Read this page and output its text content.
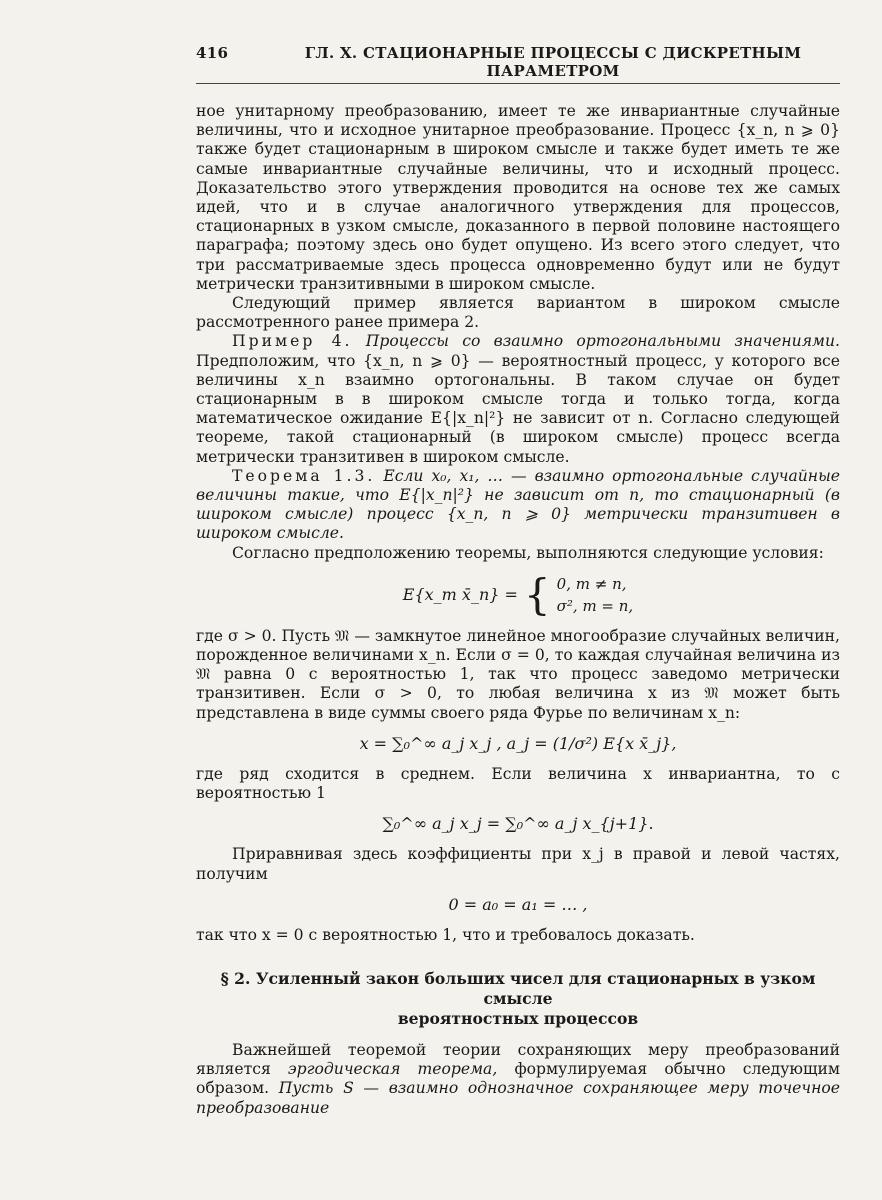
416	ГЛ. X. СТАЦИОНАРНЫЕ ПРОЦЕССЫ С ДИСКРЕТНЫМ ПАРАМЕТРОМ

ное унитарному преобразованию, имеет те же инвариантные случайные величины, что и исходное унитарное преобразование. Процесс {x_n, n ⩾ 0} также будет стационарным в широком смысле и также будет иметь те же самые инвариантные случайные величины, что и исходный процесс. Доказательство этого утверждения проводится на основе тех же самых идей, что и в случае аналогичного утверждения для процессов, стационарных в узком смысле, доказанного в первой половине настоящего параграфа; поэтому здесь оно будет опущено. Из всего этого следует, что три рассматриваемые здесь процесса одновременно будут или не будут метрически транзитивными в широком смысле.

Следующий пример является вариантом в широком смысле рассмотренного ранее примера 2.

Пример 4. Процессы со взаимно ортогональными значениями. Предположим, что {x_n, n ⩾ 0} — вероятностный процесс, у которого все величины x_n взаимно ортогональны. В таком случае он будет стационарным в в широком смысле тогда и только тогда, когда математическое ожидание E{|x_n|²} не зависит от n. Согласно следующей теореме, такой стационарный (в широком смысле) процесс всегда метрически транзитивен в широком смысле.

Теорема 1.3. Если x₀, x₁, … — взаимно ортогональные случайные величины такие, что E{|x_n|²} не зависит от n, то стационарный (в широком смысле) процесс {x_n, n ⩾ 0} метрически транзитивен в широком смысле.

Согласно предположению теоремы, выполняются следующие условия:

E{x_m x̄_n} = { 0, m ≠ n,
σ², m = n,

где σ > 0. Пусть 𝔐 — замкнутое линейное многообразие случайных величин, порожденное величинами x_n. Если σ = 0, то каждая случайная величина из 𝔐 равна 0 с вероятностью 1, так что процесс заведомо метрически транзитивен. Если σ > 0, то любая величина x из 𝔐 может быть представлена в виде суммы своего ряда Фурье по величинам x_n:

x = ∑₀^∞ a_j x_j , a_j = (1/σ²) E{x x̄_j},

где ряд сходится в среднем. Если величина x инвариантна, то с вероятностью 1

∑₀^∞ a_j x_j = ∑₀^∞ a_j x_{j+1}.

Приравнивая здесь коэффициенты при x_j в правой и левой частях, получим

0 = a₀ = a₁ = … ,

так что x = 0 с вероятностью 1, что и требовалось доказать.

§ 2. Усиленный закон больших чисел для стационарных в узком смысле
вероятностных процессов

Важнейшей теоремой теории сохраняющих меру преобразований является эргодическая теорема, формулируемая обычно следующим образом. Пусть S — взаимно однозначное сохраняющее меру точечное преобразование
